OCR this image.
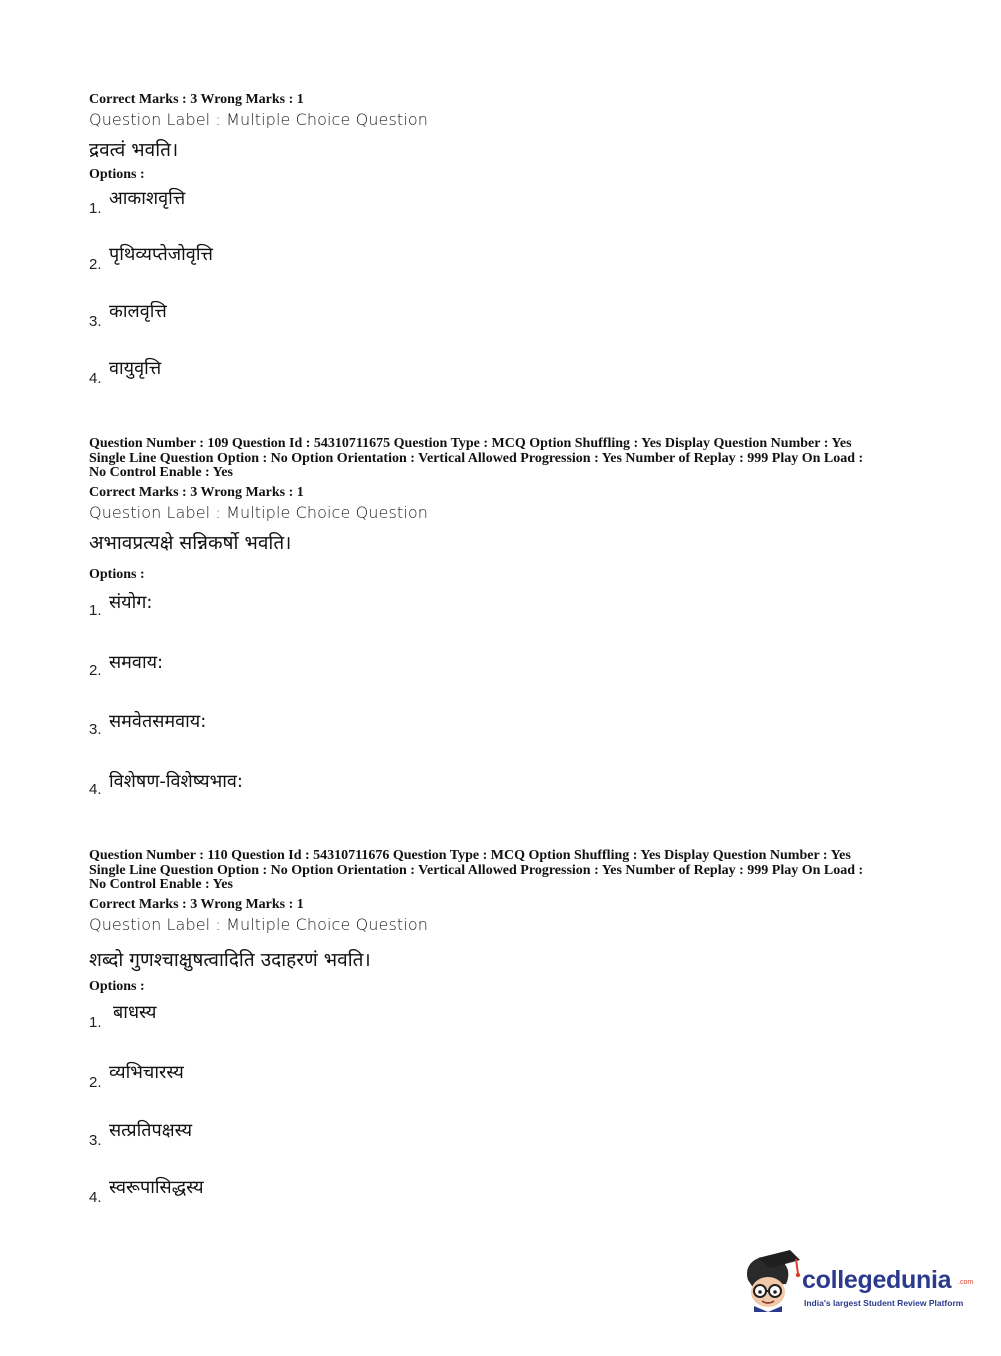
Correct Marks : 3 Wrong Marks : 1
Question Label : Multiple Choice Question
द्रवत्वं भवति।
Options :
1. आकाशवृत्ति
2. पृथिव्यप्तेजोवृत्ति
3. कालवृत्ति
4. वायुवृत्ति
Question Number : 109 Question Id : 54310711675 Question Type : MCQ Option Shuffling : Yes Display Question Number : Yes
Single Line Question Option : No Option Orientation : Vertical Allowed Progression : Yes Number of Replay : 999 Play On Load :
No Control Enable : Yes
Correct Marks : 3 Wrong Marks : 1
Question Label : Multiple Choice Question
अभावप्रत्यक्षे सन्निकर्षो भवति।
Options :
1. संयोग:
2. समवाय:
3. समवेतसमवाय:
4. विशेषण-विशेष्यभाव:
Question Number : 110 Question Id : 54310711676 Question Type : MCQ Option Shuffling : Yes Display Question Number : Yes
Single Line Question Option : No Option Orientation : Vertical Allowed Progression : Yes Number of Replay : 999 Play On Load :
No Control Enable : Yes
Correct Marks : 3 Wrong Marks : 1
Question Label : Multiple Choice Question
शब्दो गुणश्चाक्षुषत्वादिति उदाहरणं भवति।
Options :
1. बाधस्य
2. व्यभिचारस्य
3. सत्प्रतिपक्षस्य
4. स्वरूपासिद्धस्य
collegedunia .com
India's largest Student Review Platform
